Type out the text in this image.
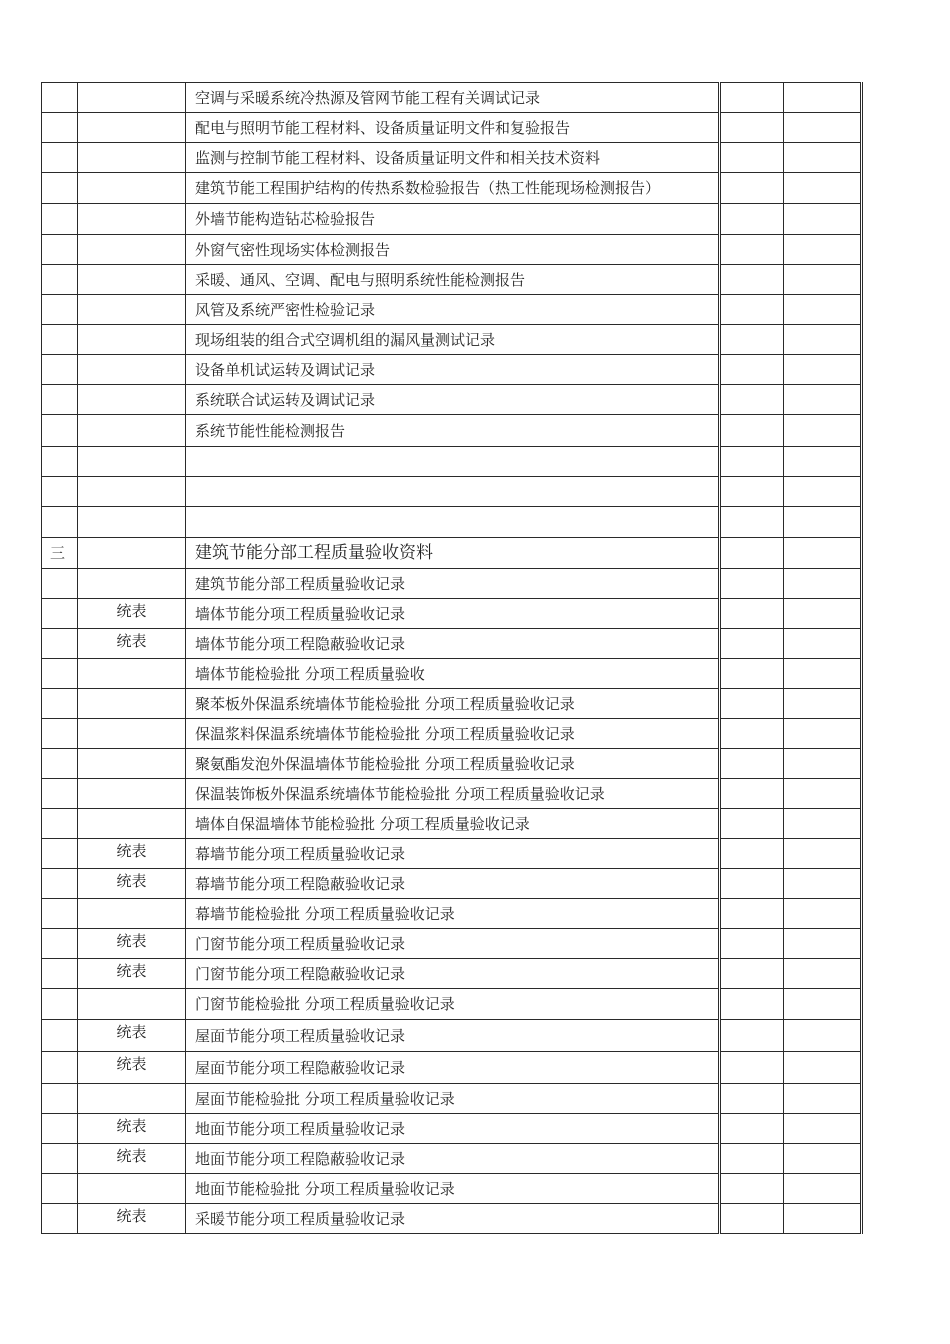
		空调与采暖系统冷热源及管网节能工程有关调试记录		
		配电与照明节能工程材料、设备质量证明文件和复验报告		
		监测与控制节能工程材料、设备质量证明文件和相关技术资料		
		建筑节能工程围护结构的传热系数检验报告（热工性能现场检测报告）		
		外墙节能构造钻芯检验报告		
		外窗气密性现场实体检测报告		
		采暖、通风、空调、配电与照明系统性能检测报告		
		风管及系统严密性检验记录		
		现场组装的组合式空调机组的漏风量测试记录		
		设备单机试运转及调试记录		
		系统联合试运转及调试记录		
		系统节能性能检测报告		

三		建筑节能分部工程质量验收资料		
		建筑节能分部工程质量验收记录		
	统表	墙体节能分项工程质量验收记录		
	统表	墙体节能分项工程隐蔽验收记录		
		墙体节能检验批 分项工程质量验收		
		聚苯板外保温系统墙体节能检验批 分项工程质量验收记录		
		保温浆料保温系统墙体节能检验批 分项工程质量验收记录		
		聚氨酯发泡外保温墙体节能检验批 分项工程质量验收记录		
		保温装饰板外保温系统墙体节能检验批 分项工程质量验收记录		
		墙体自保温墙体节能检验批 分项工程质量验收记录		
	统表	幕墙节能分项工程质量验收记录		
	统表	幕墙节能分项工程隐蔽验收记录		
		幕墙节能检验批 分项工程质量验收记录		
	统表	门窗节能分项工程质量验收记录		
	统表	门窗节能分项工程隐蔽验收记录		
		门窗节能检验批 分项工程质量验收记录		
	统表	屋面节能分项工程质量验收记录		
	统表	屋面节能分项工程隐蔽验收记录		
		屋面节能检验批 分项工程质量验收记录		
	统表	地面节能分项工程质量验收记录		
	统表	地面节能分项工程隐蔽验收记录		
		地面节能检验批 分项工程质量验收记录		
	统表	采暖节能分项工程质量验收记录		
